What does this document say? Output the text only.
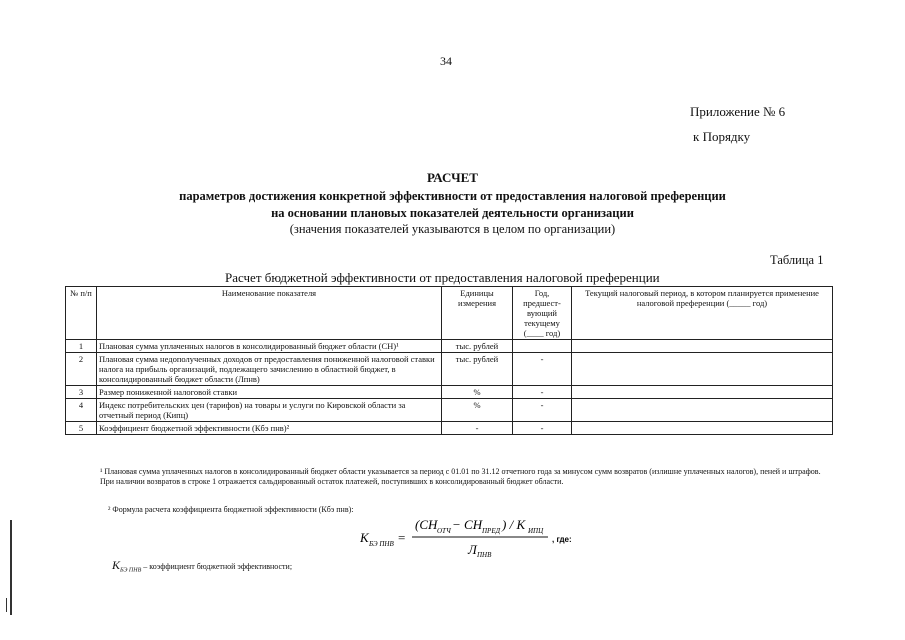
34
Приложение № 6
к Порядку
РАСЧЕТ
параметров достижения конкретной эффективности от предоставления налоговой преференции
на основании плановых показателей деятельности организации
(значения показателей указываются в целом по организации)
Таблица 1
Расчет бюджетной эффективности от предоставления налоговой преференции
№ п/п	Наименование показателя	Единицы измерения	Год, предшест-вующий текущему (____ год)	Текущий налоговый период, в котором планируется применение налоговой преференции (_____ год)
1	Плановая сумма уплаченных налогов в консолидированный бюджет области (СН)¹	тыс. рублей		
2	Плановая сумма недополученных доходов от предоставления пониженной налоговой ставки налога на прибыль организаций, подлежащего зачислению в областной бюджет, в консолидированный бюджет области (Лпнв)	тыс. рублей	-	
3	Размер пониженной налоговой ставки	%	-	
4	Индекс потребительских цен (тарифов) на товары и услуги по Кировской области за отчетный период (Кипц)	%	-	
5	Коэффициент бюджетной эффективности (Кбэ пнв)²	-	-	
¹ Плановая сумма уплаченных налогов в консолидированный бюджет области указывается за период с 01.01 по 31.12 отчетного года за минусом сумм возвратов (излишне уплаченных налогов), пеней и штрафов. При наличии возвратов в строке 1 отражается сальдированный остаток платежей, поступивших в консолидированный бюджет области.
² Формула расчета коэффициента бюджетной эффективности (Кбэ пнв):
K БЭ ПНВ =
(CH ОТЧ − CH ПРЕД ) / K ИПЦ
Л ПНВ
, где:
$K_{БЭ ПНВ}$ – коэффициент бюджетной эффективности;
